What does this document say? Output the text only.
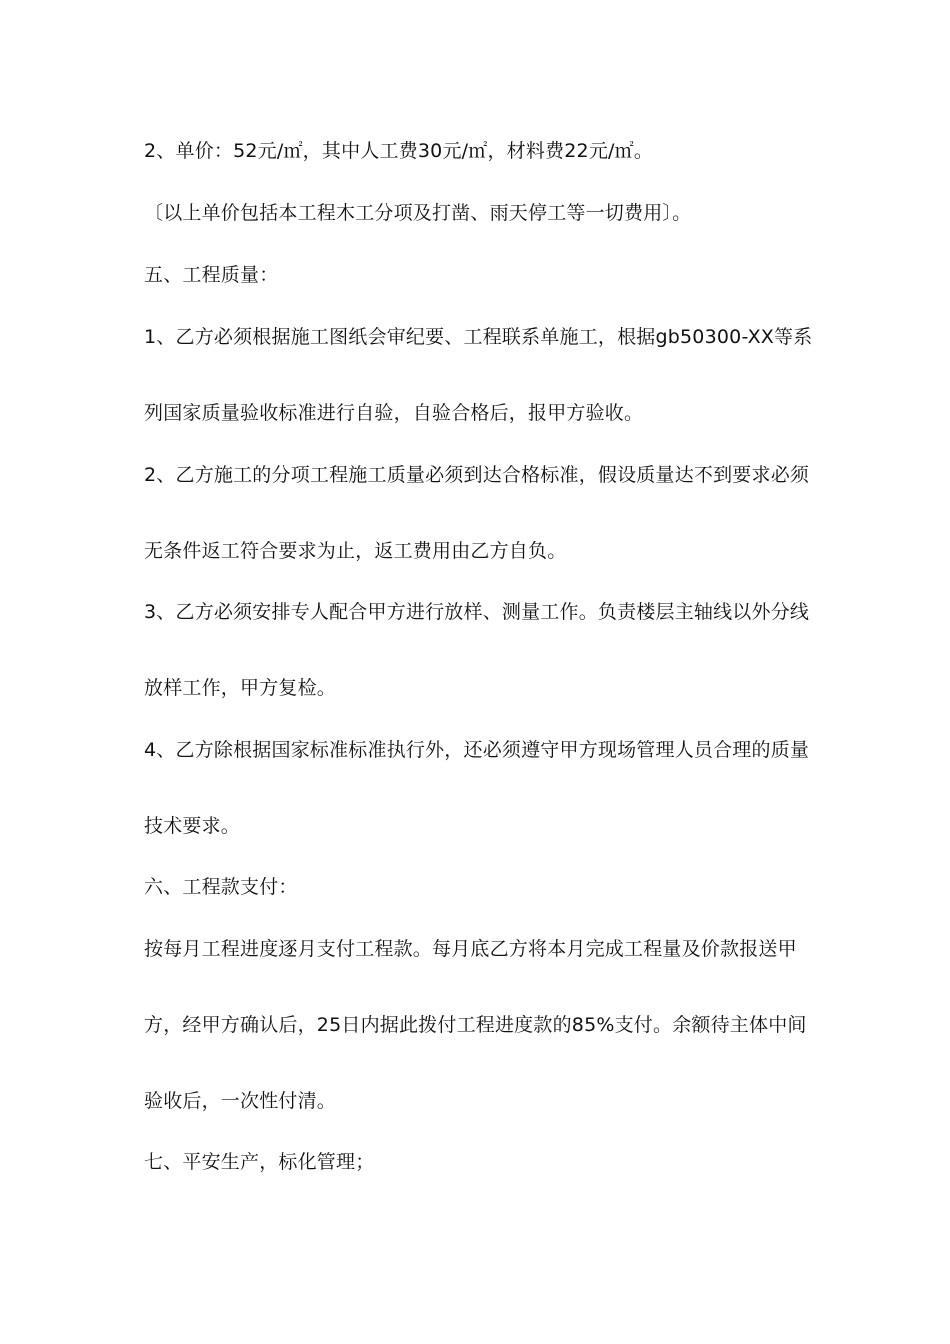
2、单价：52元/㎡，其中人工费30元/㎡，材料费22元/㎡。
〔以上单价包括本工程木工分项及打凿、雨天停工等一切费用〕。
五、工程质量：
1、乙方必须根据施工图纸会审纪要、工程联系单施工，根据gb50300-XX等系
列国家质量验收标准进行自验，自验合格后，报甲方验收。
2、乙方施工的分项工程施工质量必须到达合格标准，假设质量达不到要求必须
无条件返工符合要求为止，返工费用由乙方自负。
3、乙方必须安排专人配合甲方进行放样、测量工作。负责楼层主轴线以外分线
放样工作，甲方复检。
4、乙方除根据国家标准标准执行外，还必须遵守甲方现场管理人员合理的质量
技术要求。
六、工程款支付：
按每月工程进度逐月支付工程款。每月底乙方将本月完成工程量及价款报送甲
方，经甲方确认后，25日内据此拨付工程进度款的85%支付。余额待主体中间
验收后，一次性付清。
七、平安生产，标化管理；
